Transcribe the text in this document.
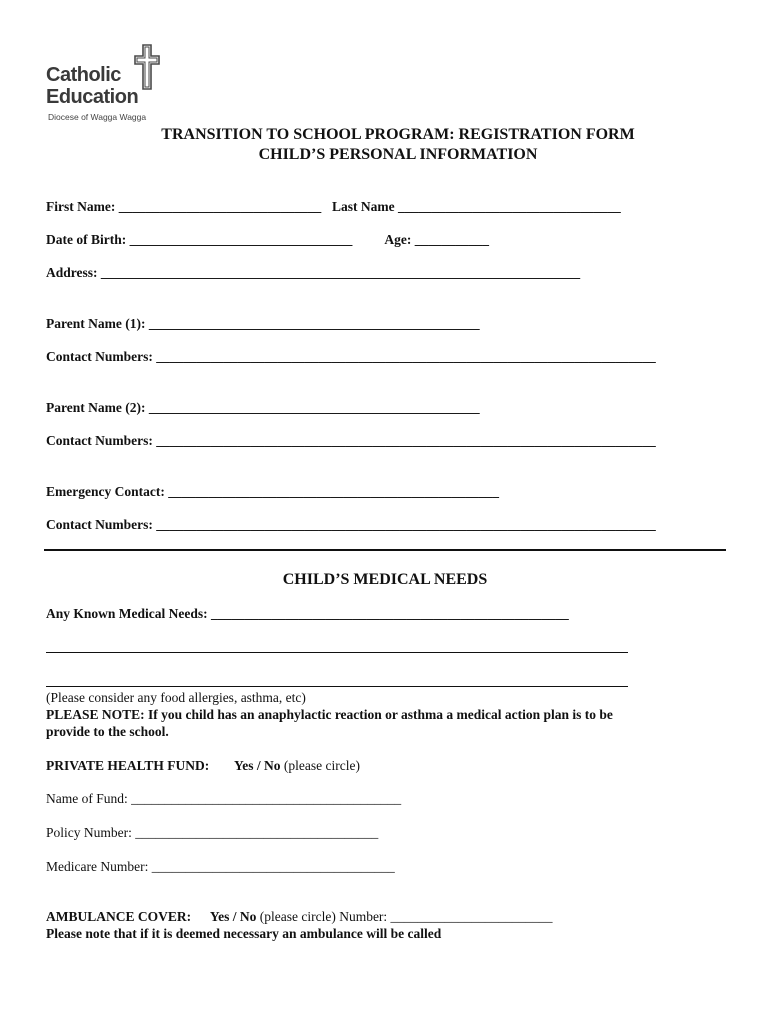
Catholic
Education
Diocese of Wagga Wagga
TRANSITION TO SCHOOL PROGRAM: REGISTRATION FORM
CHILD’S PERSONAL INFORMATION
First Name: ______________________________ Last Name _________________________________
Date of Birth: _________________________________ Age: ___________
Address: _______________________________________________________________________
Parent Name (1): _________________________________________________
Contact Numbers: __________________________________________________________________________
Parent Name (2): _________________________________________________
Contact Numbers: __________________________________________________________________________
Emergency Contact: _________________________________________________
Contact Numbers: __________________________________________________________________________
CHILD’S MEDICAL NEEDS
Any Known Medical Needs: _____________________________________________________
(Please consider any food allergies, asthma, etc)
PLEASE NOTE: If you child has an anaphylactic reaction or asthma a medical action plan is to be
provide to the school.
PRIVATE HEALTH FUND: Yes / No (please circle)
Name of Fund: ________________________________________
Policy Number: ____________________________________
Medicare Number: ____________________________________
AMBULANCE COVER: Yes / No (please circle) Number: ________________________
Please note that if it is deemed necessary an ambulance will be called
